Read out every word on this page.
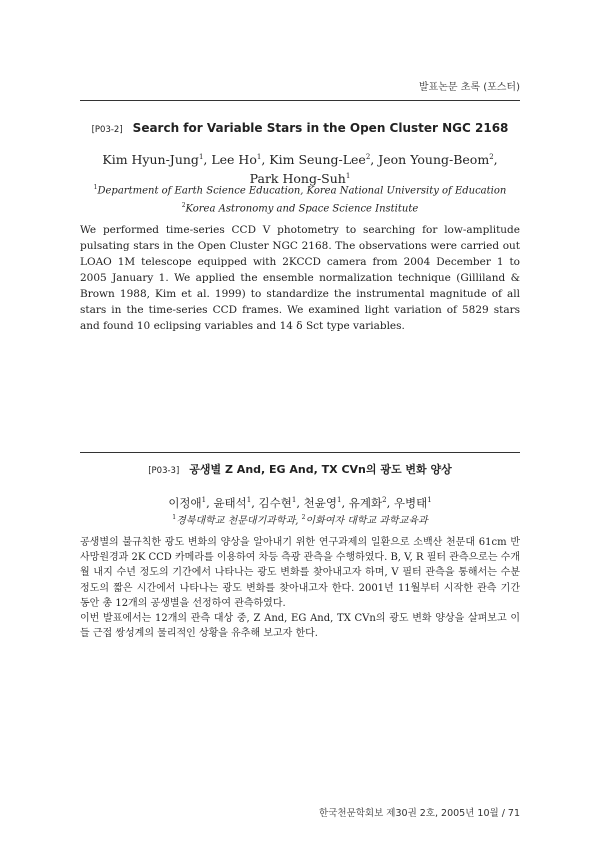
발표논문 초록 (포스터)
[P03-2] Search for Variable Stars in the Open Cluster NGC 2168
Kim Hyun-Jung$^1$, Lee Ho$^1$, Kim Seung-Lee$^2$, Jeon Young-Beom$^2$, Park Hong-Suh$^1$
$^1$Department of Earth Science Education, Korea National University of Education
$^2$Korea Astronomy and Space Science Institute

We performed time-series CCD V photometry to searching for low-amplitude pulsating stars in the Open Cluster NGC 2168. The observations were carried out LOAO 1M telescope equipped with 2KCCD camera from 2004 December 1 to 2005 January 1. We applied the ensemble normalization technique (Gilliland & Brown 1988, Kim et al. 1999) to standardize the instrumental magnitude of all stars in the time-series CCD frames. We examined light variation of 5829 stars and found 10 eclipsing variables and 14 δ Sct type variables.

[P03-3] 공생별 Z And, EG And, TX CVn의 광도 변화 양상
이정애$^1$, 윤태석$^1$, 김수현$^1$, 천윤영$^1$, 유계화$^2$, 우병태$^1$
$^1$경북대학교 천문대기과학과, $^2$이화여자 대학교 과학교육과

공생별의 불규칙한 광도 변화의 양상을 알아내기 위한 연구과제의 일환으로 소백산 천문대 61cm 반사망원경과 2K CCD 카메라를 이용하여 차등 측광 관측을 수행하였다. B, V, R 필터 관측으로는 수개월 내지 수년 정도의 기간에서 나타나는 광도 변화를 찾아내고자 하며, V 필터 관측을 통해서는 수분 정도의 짧은 시간에서 나타나는 광도 변화를 찾아내고자 한다. 2001년 11월부터 시작한 관측 기간 동안 총 12개의 공생별을 선정하여 관측하였다.
이번 발표에서는 12개의 관측 대상 중, Z And, EG And, TX CVn의 광도 변화 양상을 살펴보고 이들 근접 쌍성계의 물리적인 상황을 유추해 보고자 한다.

한국천문학회보 제30권 2호, 2005년 10월 / 71
